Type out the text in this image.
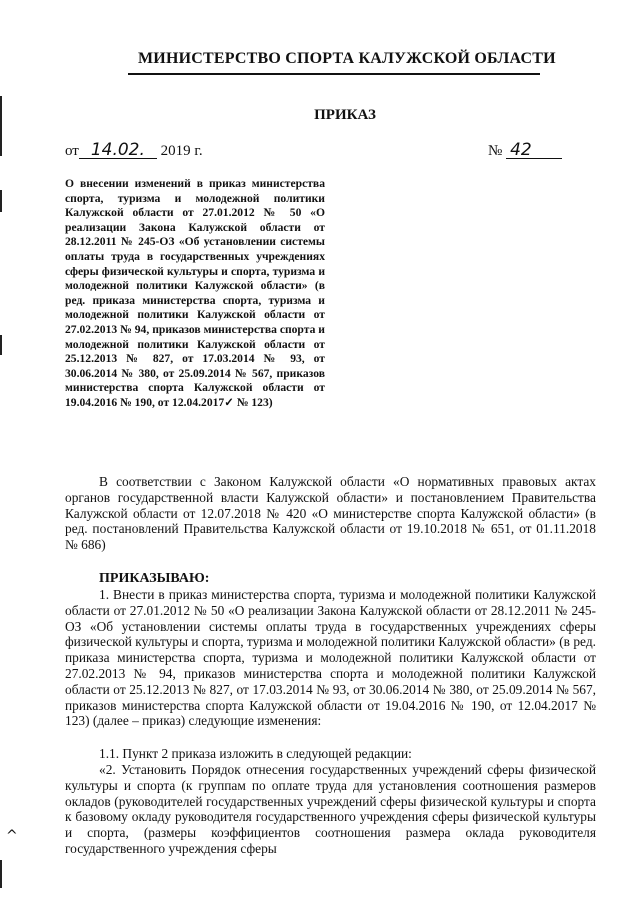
МИНИСТЕРСТВО СПОРТА КАЛУЖСКОЙ ОБЛАСТИ
ПРИКАЗ
от 14.02. 2019 г.	№ 42
О внесении изменений в приказ министерства спорта, туризма и молодежной политики Калужской области от 27.01.2012 № 50 «О реализации Закона Калужской области от 28.12.2011 № 245-ОЗ «Об установлении системы оплаты труда в государственных учреждениях сферы физической культуры и спорта, туризма и молодежной политики Калужской области» (в ред. приказа министерства спорта, туризма и молодежной политики Калужской области от 27.02.2013 № 94, приказов министерства спорта и молодежной политики Калужской области от 25.12.2013 № 827, от 17.03.2014 № 93, от 30.06.2014 № 380, от 25.09.2014 № 567, приказов министерства спорта Калужской области от 19.04.2016 № 190, от 12.04.2017✓ № 123)
В соответствии с Законом Калужской области «О нормативных правовых актах органов государственной власти Калужской области» и постановлением Правительства Калужской области от 12.07.2018 № 420 «О министерстве спорта Калужской области» (в ред. постановлений Правительства Калужской области от 19.10.2018 № 651, от 01.11.2018 № 686)
ПРИКАЗЫВАЮ:
1. Внести в приказ министерства спорта, туризма и молодежной политики Калужской области от 27.01.2012 № 50 «О реализации Закона Калужской области от 28.12.2011 № 245-ОЗ «Об установлении системы оплаты труда в государственных учреждениях сферы физической культуры и спорта, туризма и молодежной политики Калужской области» (в ред. приказа министерства спорта, туризма и молодежной политики Калужской области от 27.02.2013 № 94, приказов министерства спорта и молодежной политики Калужской области от 25.12.2013 № 827, от 17.03.2014 № 93, от 30.06.2014 № 380, от 25.09.2014 № 567, приказов министерства спорта Калужской области от 19.04.2016 № 190, от 12.04.2017 № 123) (далее – приказ) следующие изменения:
1.1. Пункт 2 приказа изложить в следующей редакции:
«2. Установить Порядок отнесения государственных учреждений сферы физической культуры и спорта (к группам по оплате труда для установления соотношения размеров окладов (руководителей государственных учреждений сферы физической культуры и спорта к базовому окладу руководителя государственного учреждения сферы физической культуры и спорта, (размеры коэффициентов соотношения размера оклада руководителя государственного учреждения сферы
^
